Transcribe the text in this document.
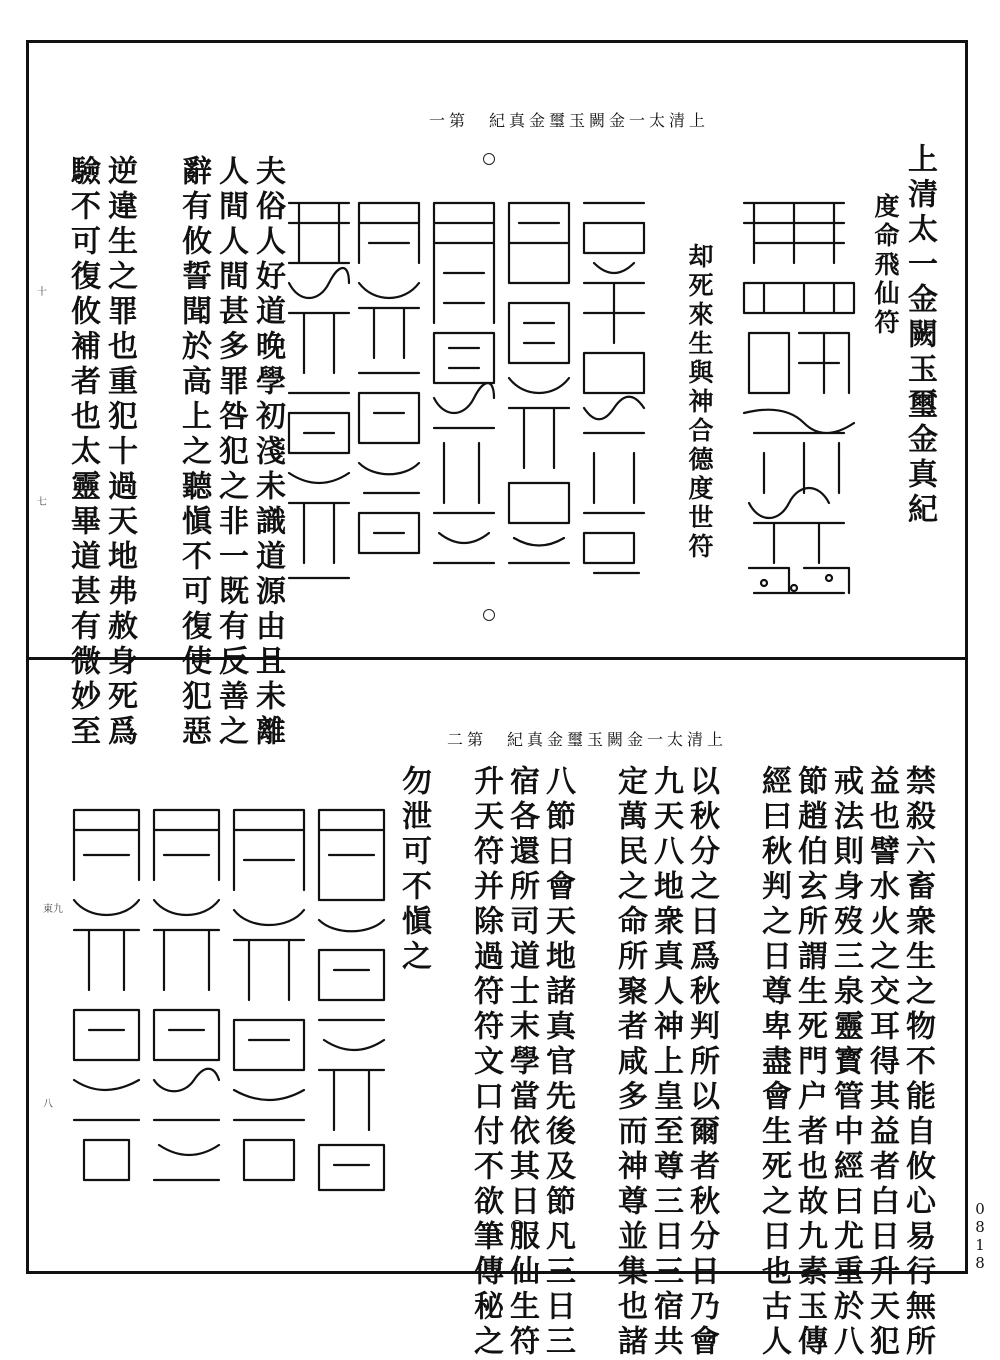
上清太一金闕玉璽金真紀　第一
上清太一金闕玉璽金真紀
度命飛仙符
却死來生與神合德度世符
夫俗人好道晚學初淺未識道源由且未離
人間人間甚多罪咎犯之非一既有反善之
辭有攸誓聞於高上之聽愼不可復使犯惡
逆違生之罪也重犯十過天地弗赦身死爲
驗不可復攸補者也太靈畢道甚有微妙至
十
七
上清太一金闕玉璽金真紀　第二
禁殺六畜衆生之物不能自攸心易行無所
益也譬水火之交耳得其益者白日升天犯
戒法則身歿三泉靈寳管中經曰尤重於八
節趙伯玄所謂生死門户者也故九素玉傳
經曰秋判之日尊卑盡會生死之日也古人
以秋分之日爲秋判所以爾者秋分日乃會
九天八地衆真人神上皇至尊三日三宿共
定萬民之命所聚者咸多而神尊並集也諸
八節日會天地諸真官先後及節凡三日三
宿各還所司道士末學當依其日服仙生符
升天符并除過符符文口付不欲筆傳秘之
勿泄可不愼之
東九
八
0
8
1
8
